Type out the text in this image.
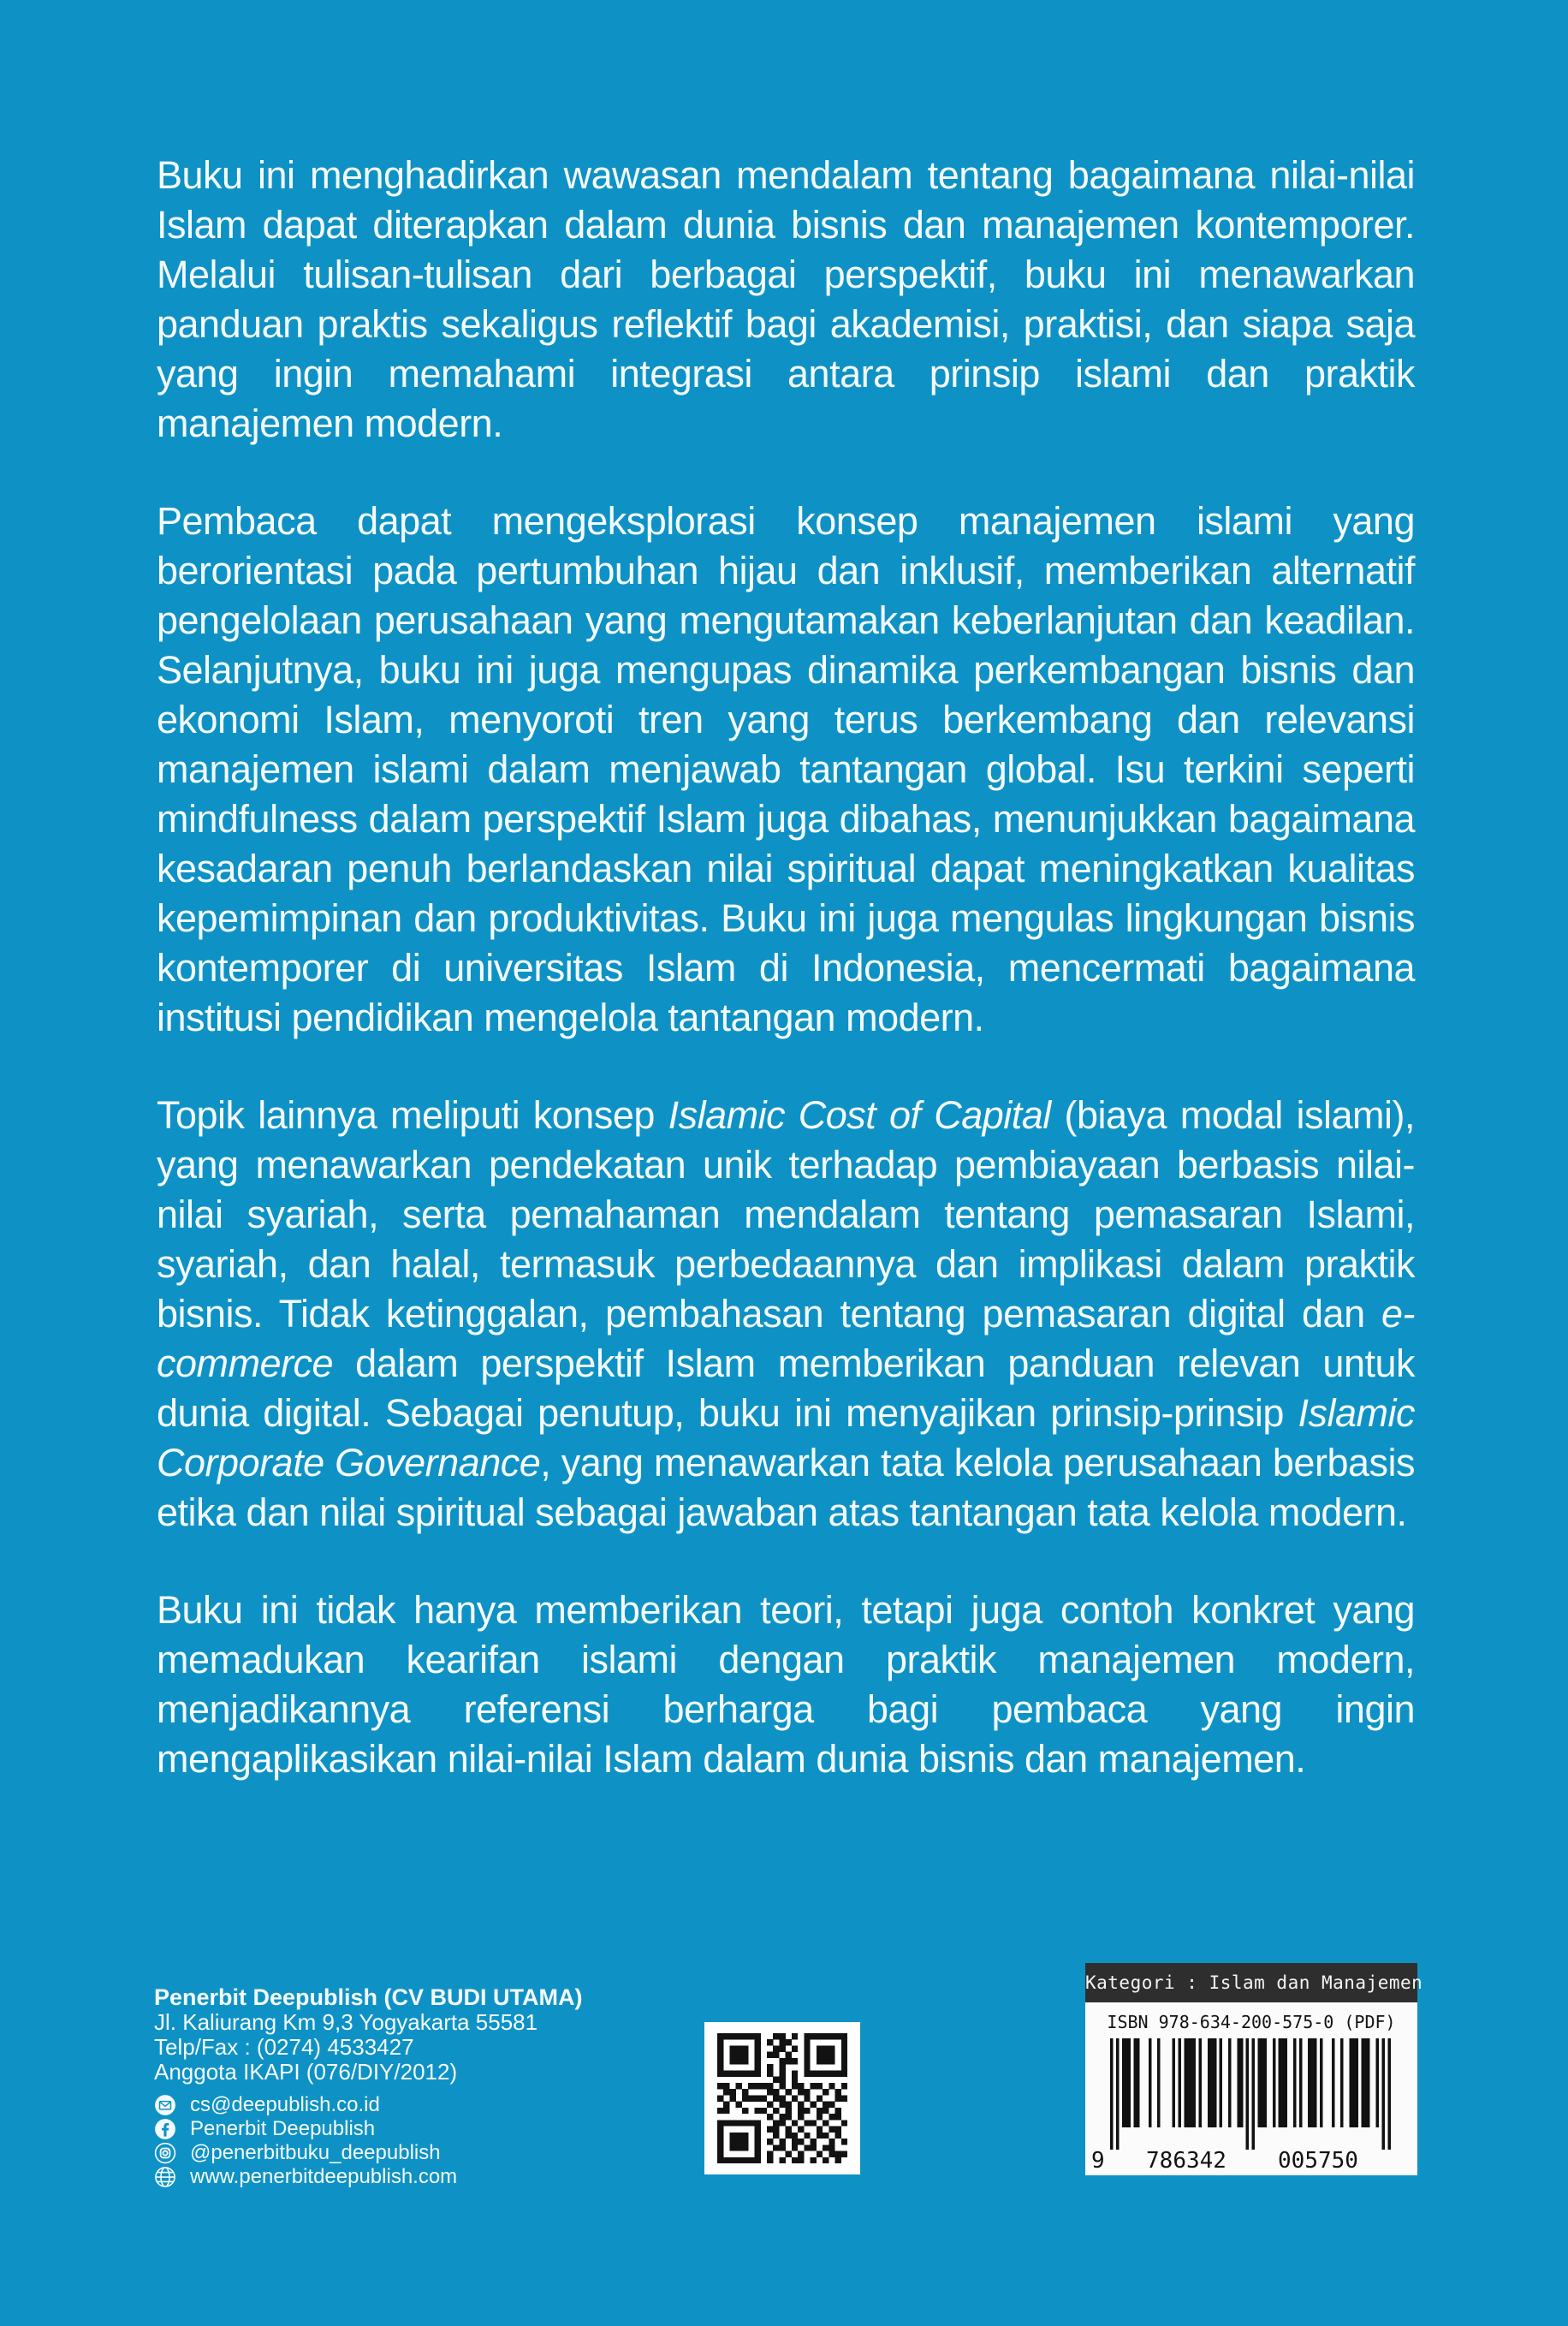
Buku ini menghadirkan wawasan mendalam tentang bagaimana nilai-nilai Islam dapat diterapkan dalam dunia bisnis dan manajemen kontemporer. Melalui tulisan-tulisan dari berbagai perspektif, buku ini menawarkan panduan praktis sekaligus reflektif bagi akademisi, praktisi, dan siapa saja yang ingin memahami integrasi antara prinsip islami dan praktik manajemen modern.

Pembaca dapat mengeksplorasi konsep manajemen islami yang berorientasi pada pertumbuhan hijau dan inklusif, memberikan alternatif pengelolaan perusahaan yang mengutamakan keberlanjutan dan keadilan. Selanjutnya, buku ini juga mengupas dinamika perkembangan bisnis dan ekonomi Islam, menyoroti tren yang terus berkembang dan relevansi manajemen islami dalam menjawab tantangan global. Isu terkini seperti mindfulness dalam perspektif Islam juga dibahas, menunjukkan bagaimana kesadaran penuh berlandaskan nilai spiritual dapat meningkatkan kualitas kepemimpinan dan produktivitas. Buku ini juga mengulas lingkungan bisnis kontemporer di universitas Islam di Indonesia, mencermati bagaimana institusi pendidikan mengelola tantangan modern.

Topik lainnya meliputi konsep Islamic Cost of Capital (biaya modal islami), yang menawarkan pendekatan unik terhadap pembiayaan berbasis nilai-nilai syariah, serta pemahaman mendalam tentang pemasaran Islami, syariah, dan halal, termasuk perbedaannya dan implikasi dalam praktik bisnis. Tidak ketinggalan, pembahasan tentang pemasaran digital dan e-commerce dalam perspektif Islam memberikan panduan relevan untuk dunia digital. Sebagai penutup, buku ini menyajikan prinsip-prinsip Islamic Corporate Governance, yang menawarkan tata kelola perusahaan berbasis etika dan nilai spiritual sebagai jawaban atas tantangan tata kelola modern.

Buku ini tidak hanya memberikan teori, tetapi juga contoh konkret yang memadukan kearifan islami dengan praktik manajemen modern, menjadikannya referensi berharga bagi pembaca yang ingin mengaplikasikan nilai-nilai Islam dalam dunia bisnis dan manajemen.

Penerbit Deepublish (CV BUDI UTAMA)
Jl. Kaliurang Km 9,3 Yogyakarta 55581
Telp/Fax : (0274) 4533427
Anggota IKAPI (076/DIY/2012)
cs@deepublish.co.id
Penerbit Deepublish
@penerbitbuku_deepublish
www.penerbitdeepublish.com
Kategori : Islam dan Manajemen
ISBN 978-634-200-575-0 (PDF)
9	786342	005750
